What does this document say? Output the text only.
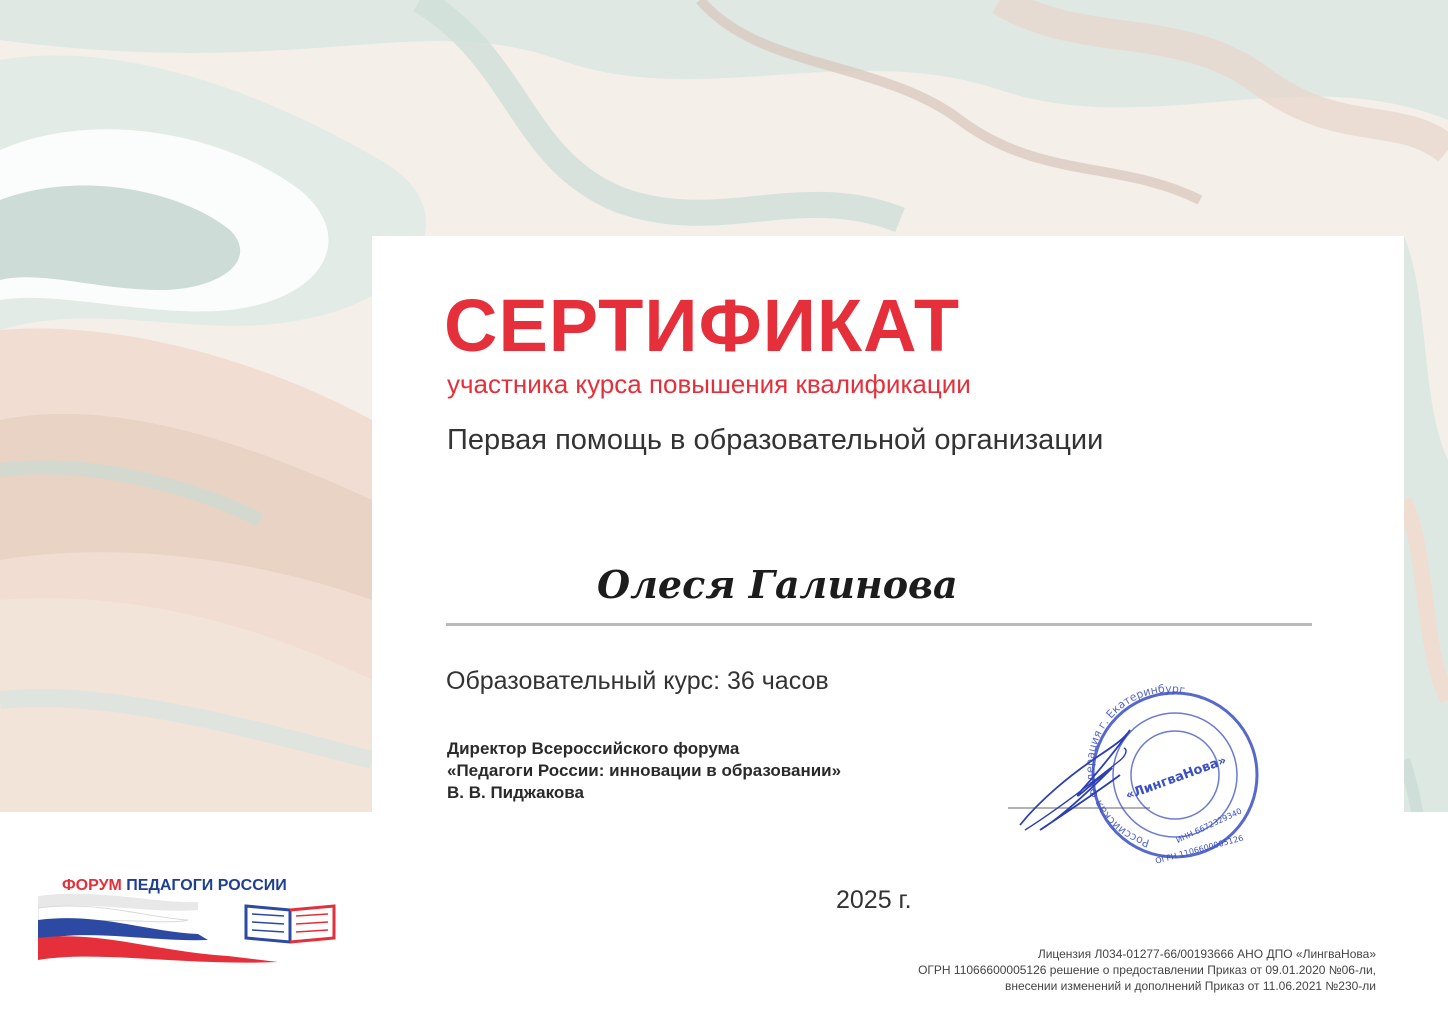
СЕРТИФИКАТ
участника курса повышения квалификации
Первая помощь в образовательной организации
Олеся Галинова
Образовательный курс: 36 часов
Директор Всероссийского форума
«Педагоги России: инновации в образовании»
В. В. Пиджакова
Российская Федерация г. Екатеринбург
«ЛингваНова»
ИНН 6672329340
ОГРН 1106600005126
2025 г.
Лицензия Л034-01277-66/00193666 АНО ДПО «ЛингваНова»
ОГРН 11066600005126 решение о предоставлении Приказ от 09.01.2020 №06-ли,
внесении изменений и дополнений Приказ от 11.06.2021 №230-ли
ФОРУМ ПЕДАГОГИ РОССИИ
